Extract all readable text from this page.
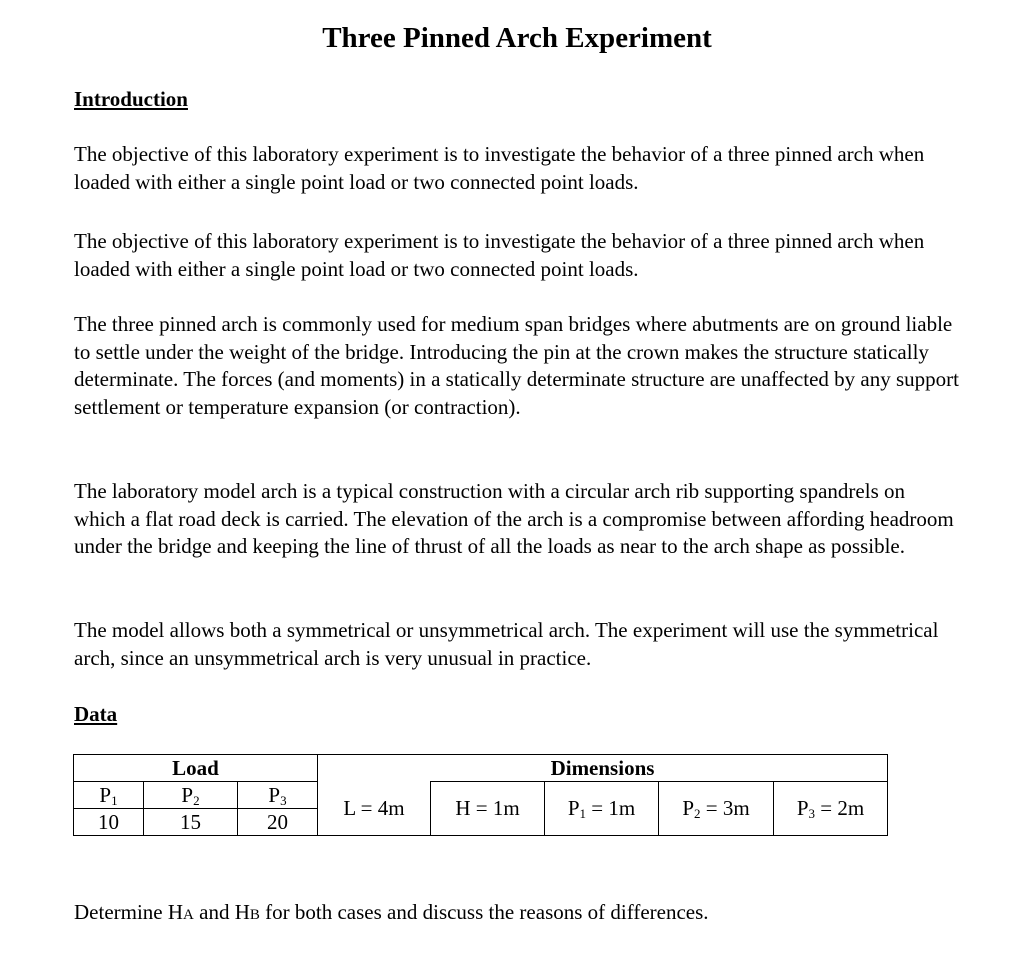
Three Pinned Arch Experiment
Introduction

The objective of this laboratory experiment is to investigate the behavior of a three pinned arch when loaded with either a single point load or two connected point loads.

The objective of this laboratory experiment is to investigate the behavior of a three pinned arch when loaded with either a single point load or two connected point loads.

The three pinned arch is commonly used for medium span bridges where abutments are on ground liable to settle under the weight of the bridge. Introducing the pin at the crown makes the structure statically determinate. The forces (and moments) in a statically determinate structure are unaffected by any support settlement or temperature expansion (or contraction).

The laboratory model arch is a typical construction with a circular arch rib supporting spandrels on which a flat road deck is carried. The elevation of the arch is a compromise between affording headroom under the bridge and keeping the line of thrust of all the loads as near to the arch shape as possible.

The model allows both a symmetrical or unsymmetrical arch. The experiment will use the symmetrical arch, since an unsymmetrical arch is very unusual in practice.

Data
Load			Dimensions				
$P_1$	$P_2$	$P_3$	L = 4m	H = 1m	$P_1 = 1m$	$P_2 = 3m$	$P_3 = 2m$
10	15	20					

Determine HA and HB for both cases and discuss the reasons of differences.
